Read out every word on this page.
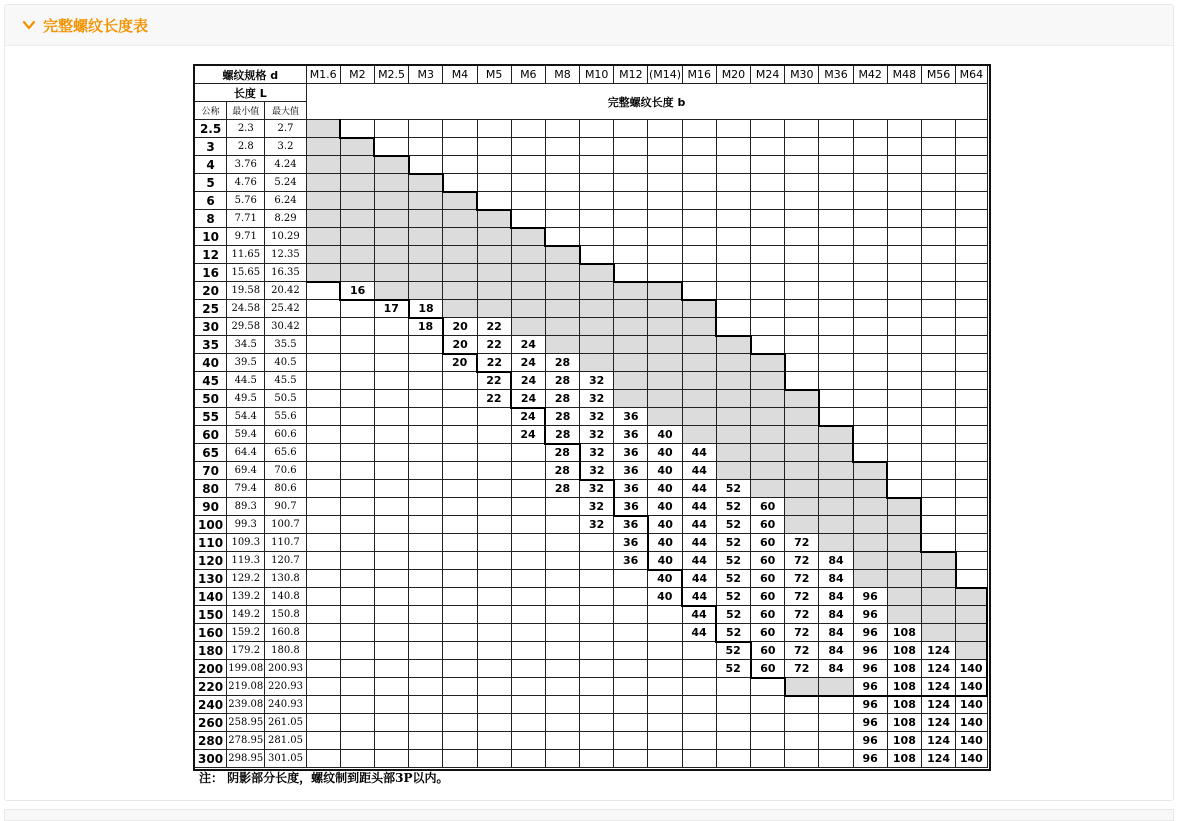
完整螺纹长度表
螺纹规格 d			M1.6	M2	M2.5	M3	M4	M5	M6	M8	M10	M12	(M14)	M16	M20	M24	M30	M36	M42	M48	M56	M64
长度 L			完整螺纹长度 b																			
公称	最小值	最大值																				
2.5	2.3	2.7																				
3	2.8	3.2																				
4	3.76	4.24																				
5	4.76	5.24																				
6	5.76	6.24																				
8	7.71	8.29																				
10	9.71	10.29																				
12	11.65	12.35																				
16	15.65	16.35																				
20	19.58	20.42		16																		
25	24.58	25.42			17	18																
30	29.58	30.42				18	20	22														
35	34.5	35.5					20	22	24													
40	39.5	40.5					20	22	24	28												
45	44.5	45.5						22	24	28	32											
50	49.5	50.5						22	24	28	32											
55	54.4	55.6							24	28	32	36										
60	59.4	60.6							24	28	32	36	40									
65	64.4	65.6								28	32	36	40	44								
70	69.4	70.6								28	32	36	40	44								
80	79.4	80.6								28	32	36	40	44	52							
90	89.3	90.7									32	36	40	44	52	60						
100	99.3	100.7									32	36	40	44	52	60						
110	109.3	110.7										36	40	44	52	60	72					
120	119.3	120.7										36	40	44	52	60	72	84				
130	129.2	130.8											40	44	52	60	72	84				
140	139.2	140.8											40	44	52	60	72	84	96			
150	149.2	150.8												44	52	60	72	84	96			
160	159.2	160.8												44	52	60	72	84	96	108		
180	179.2	180.8													52	60	72	84	96	108	124	
200	199.08	200.93													52	60	72	84	96	108	124	140
220	219.08	220.93																	96	108	124	140
240	239.08	240.93																	96	108	124	140
260	258.95	261.05																	96	108	124	140
280	278.95	281.05																	96	108	124	140
300	298.95	301.05																	96	108	124	140
注： 阴影部分长度，螺纹制到距头部3P以内。
